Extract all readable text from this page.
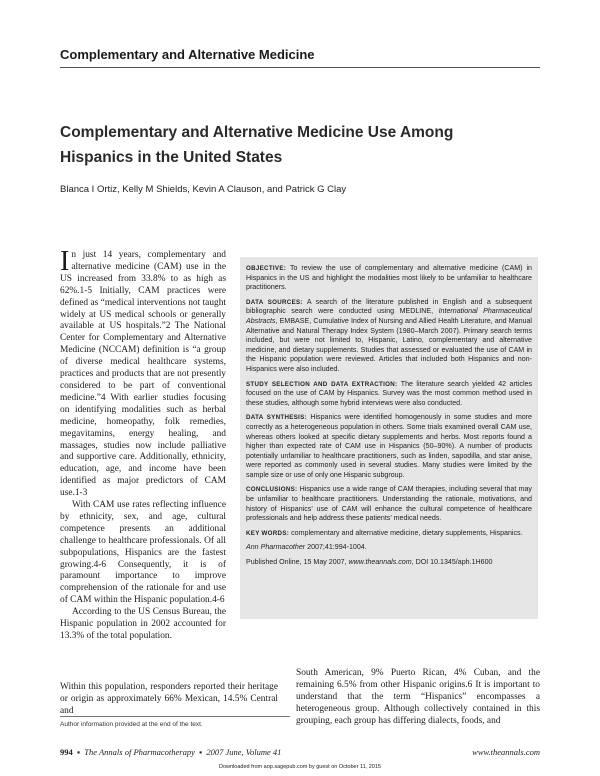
Complementary and Alternative Medicine
Complementary and Alternative Medicine Use Among Hispanics in the United States
Blanca I Ortiz, Kelly M Shields, Kevin A Clauson, and Patrick G Clay

In just 14 years, complementary and alternative medicine (CAM) use in the US increased from 33.8% to as high as 62%.1-5 Initially, CAM practices were defined as “medical interventions not taught widely at US medical schools or generally available at US hospitals.”2 The National Center for Complementary and Alternative Medicine (NCCAM) definition is “a group of diverse medical healthcare systems, practices and products that are not presently considered to be part of conventional medicine.”4 With earlier studies focusing on identifying modalities such as herbal medicine, homeopathy, folk remedies, megavitamins, energy healing, and massages, studies now include palliative and supportive care. Additionally, ethnicity, education, age, and income have been identified as major predictors of CAM use.1-3

With CAM use rates reflecting influence by ethnicity, sex, and age, cultural competence presents an additional challenge to healthcare professionals. Of all subpopulations, Hispanics are the fastest growing.4-6 Consequently, it is of paramount importance to improve comprehension of the rationale for and use of CAM within the Hispanic population.4-6

According to the US Census Bureau, the Hispanic population in 2002 accounted for 13.3% of the total population.

OBJECTIVE: To review the use of complementary and alternative medicine (CAM) in Hispanics in the US and highlight the modalities most likely to be unfamiliar to healthcare practitioners.

DATA SOURCES: A search of the literature published in English and a subsequent bibliographic search were conducted using MEDLINE, International Pharmaceutical Abstracts, EMBASE, Cumulative Index of Nursing and Allied Health Literature, and Manual Alternative and Natural Therapy Index System (1980–March 2007). Primary search terms included, but were not limited to, Hispanic, Latino, complementary and alternative medicine, and dietary supplements. Studies that assessed or evaluated the use of CAM in the Hispanic population were reviewed. Articles that included both Hispanics and non-Hispanics were also included.

STUDY SELECTION AND DATA EXTRACTION: The literature search yielded 42 articles focused on the use of CAM by Hispanics. Survey was the most common method used in these studies, although some hybrid interviews were also conducted.

DATA SYNTHESIS: Hispanics were identified homogenously in some studies and more correctly as a heterogeneous population in others. Some trials examined overall CAM use, whereas others looked at specific dietary supplements and herbs. Most reports found a higher than expected rate of CAM use in Hispanics (50–90%). A number of products potentially unfamiliar to healthcare practitioners, such as linden, sapodilla, and star anise, were reported as commonly used in several studies. Many studies were limited by the sample size or use of only one Hispanic subgroup.

CONCLUSIONS: Hispanics use a wide range of CAM therapies, including several that may be unfamiliar to healthcare practitioners. Understanding the rationale, motivations, and history of Hispanics’ use of CAM will enhance the cultural competence of healthcare professionals and help address these patients’ medical needs.

KEY WORDS: complementary and alternative medicine, dietary supplements, Hispanics.

Ann Pharmacother 2007;41:994-1004.

Published Online, 15 May 2007, www.theannals.com, DOI 10.1345/aph.1H600

Within this population, responders reported their heritage or origin as approximately 66% Mexican, 14.5% Central and
South American, 9% Puerto Rican, 4% Cuban, and the remaining 6.5% from other Hispanic origins.6 It is important to understand that the term “Hispanics” encompasses a heterogeneous group. Although collectively contained in this grouping, each group has differing dialects, foods, and
Author information provided at the end of the text.
994  ▪  The Annals of Pharmacotherapy  ▪  2007 June, Volume 41	www.theannals.com
Downloaded from aop.sagepub.com by guest on October 11, 2015
